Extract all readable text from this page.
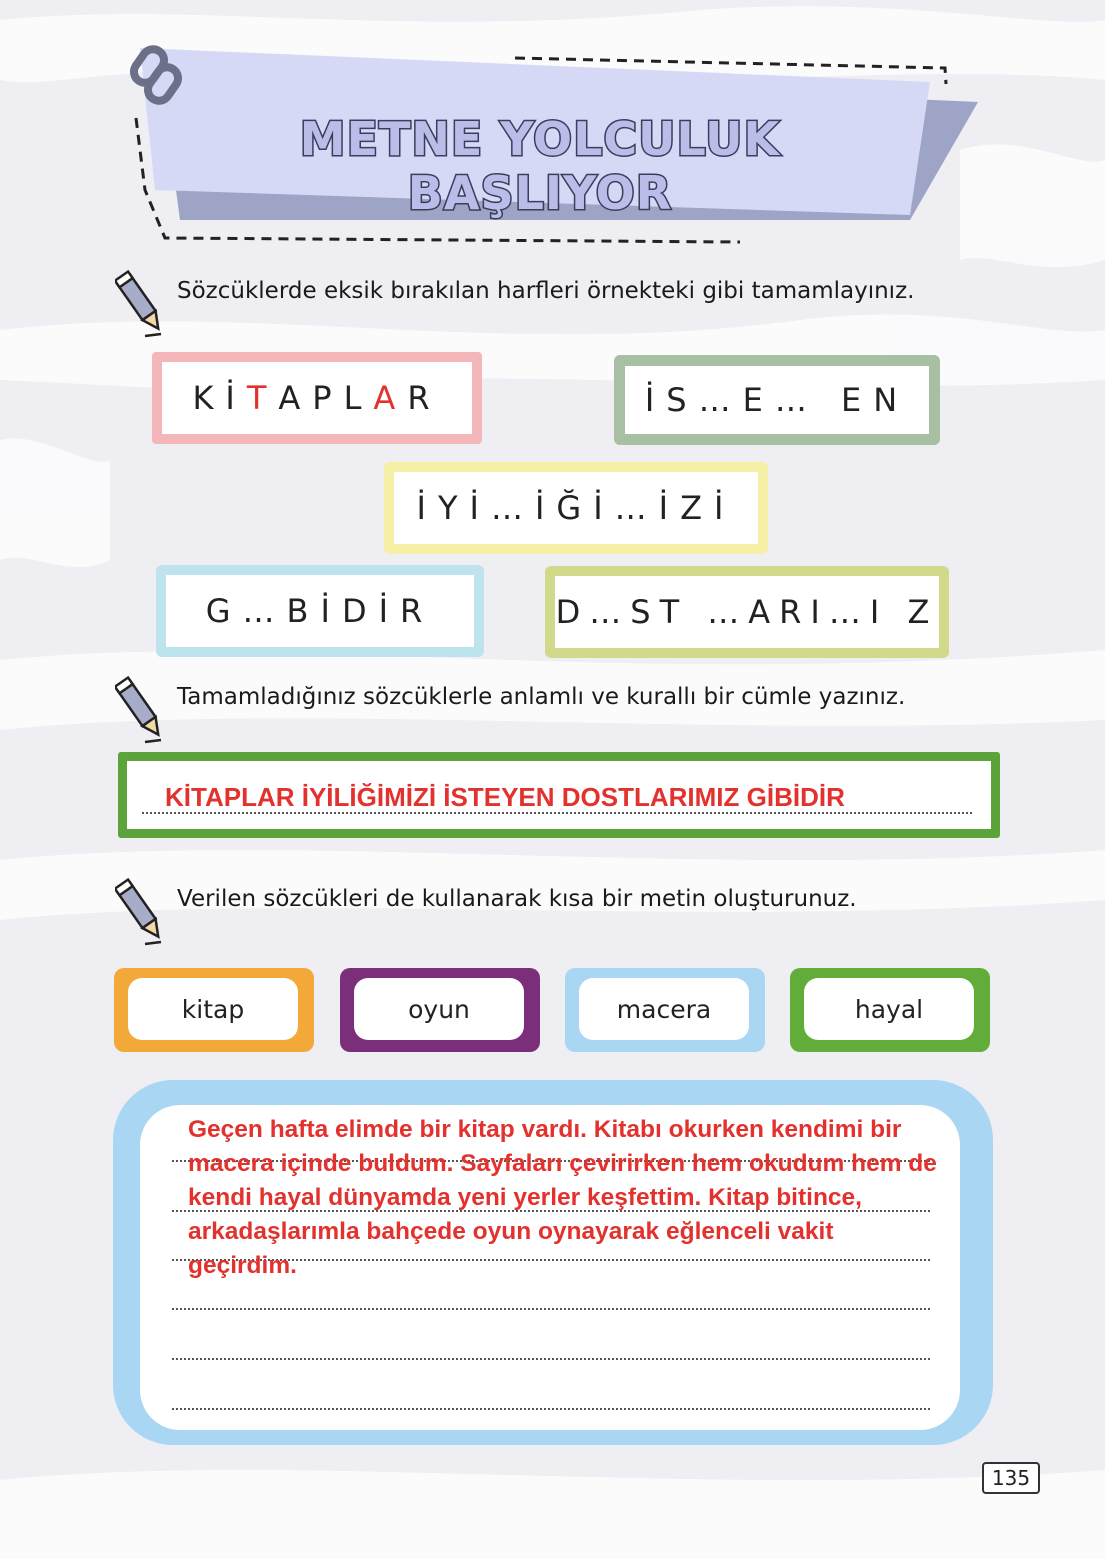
METNE YOLCULUK BAŞLIYOR
Sözcüklerde eksik bırakılan harfleri örnekteki gibi tamamlayınız.
Kİ T APL A R	İS…E… EN
İYİ…İĞİ…İZİ
G…BİDİR	D…ST …ARI…I Z
Tamamladığınız sözcüklerle anlamlı ve kurallı bir cümle yazınız.
KİTAPLAR İYİLİĞİMİZİ İSTEYEN DOSTLARIMIZ GİBİDİR
Verilen sözcükleri de kullanarak kısa bir metin oluşturunuz.
kitap	oyun	macera	hayal
Geçen hafta elimde bir kitap vardı. Kitabı okurken kendimi bir macera içinde buldum. Sayfaları çevirirken hem okudum hem de kendi hayal dünyamda yeni yerler keşfettim. Kitap bitince, arkadaşlarımla bahçede oyun oynayarak eğlenceli vakit geçirdim.
135
